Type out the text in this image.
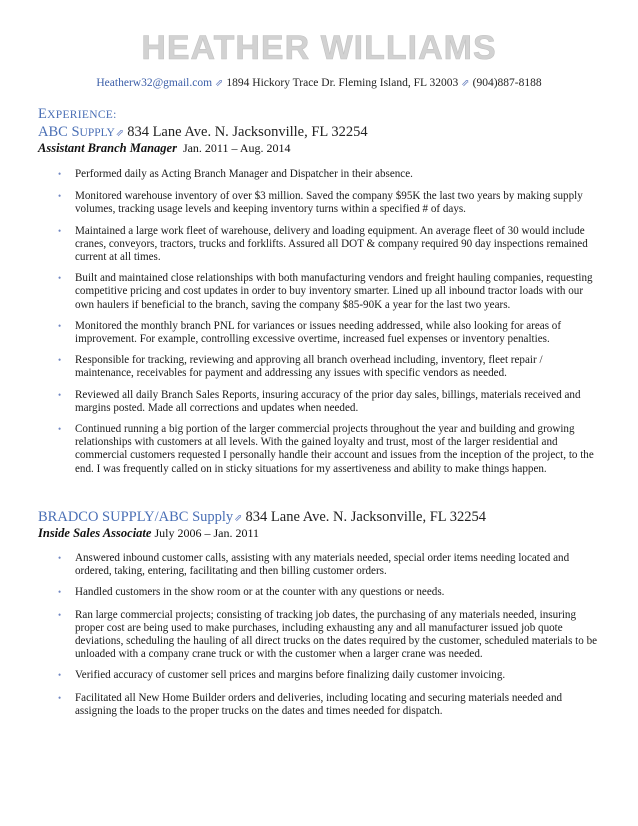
HEATHER WILLIAMS
Heatherw32@gmail.com ⇗ 1894 Hickory Trace Dr. Fleming Island, FL 32003 ⇗ (904)887-8188
EXPERIENCE:
ABC SUPPLY⇗ 834 Lane Ave. N. Jacksonville, FL 32254
Assistant Branch Manager Jan. 2011 – Aug. 2014
• Performed daily as Acting Branch Manager and Dispatcher in their absence.
• Monitored warehouse inventory of over $3 million. Saved the company $95K the last two years by making supply volumes, tracking usage levels and keeping inventory turns within a specified # of days.
• Maintained a large work fleet of warehouse, delivery and loading equipment. An average fleet of 30 would include cranes, conveyors, tractors, trucks and forklifts. Assured all DOT & company required 90 day inspections remained current at all times.
• Built and maintained close relationships with both manufacturing vendors and freight hauling companies, requesting competitive pricing and cost updates in order to buy inventory smarter. Lined up all inbound tractor loads with our own haulers if beneficial to the branch, saving the company $85-90K a year for the last two years.
• Monitored the monthly branch PNL for variances or issues needing addressed, while also looking for areas of improvement. For example, controlling excessive overtime, increased fuel expenses or inventory penalties.
• Responsible for tracking, reviewing and approving all branch overhead including, inventory, fleet repair / maintenance, receivables for payment and addressing any issues with specific vendors as needed.
• Reviewed all daily Branch Sales Reports, insuring accuracy of the prior day sales, billings, materials received and margins posted. Made all corrections and updates when needed.
• Continued running a big portion of the larger commercial projects throughout the year and building and growing relationships with customers at all levels. With the gained loyalty and trust, most of the larger residential and commercial customers requested I personally handle their account and issues from the inception of the project, to the end. I was frequently called on in sticky situations for my assertiveness and ability to make things happen.
BRADCO SUPPLY/ABC Supply⇗ 834 Lane Ave. N. Jacksonville, FL 32254
Inside Sales Associate July 2006 – Jan. 2011
• Answered inbound customer calls, assisting with any materials needed, special order items needing located and ordered, taking, entering, facilitating and then billing customer orders.
• Handled customers in the show room or at the counter with any questions or needs.
• Ran large commercial projects; consisting of tracking job dates, the purchasing of any materials needed, insuring proper cost are being used to make purchases, including exhausting any and all manufacturer issued job quote deviations, scheduling the hauling of all direct trucks on the dates required by the customer, scheduled materials to be unloaded with a company crane truck or with the customer when a larger crane was needed.
• Verified accuracy of customer sell prices and margins before finalizing daily customer invoicing.
• Facilitated all New Home Builder orders and deliveries, including locating and securing materials needed and assigning the loads to the proper trucks on the dates and times needed for dispatch.
